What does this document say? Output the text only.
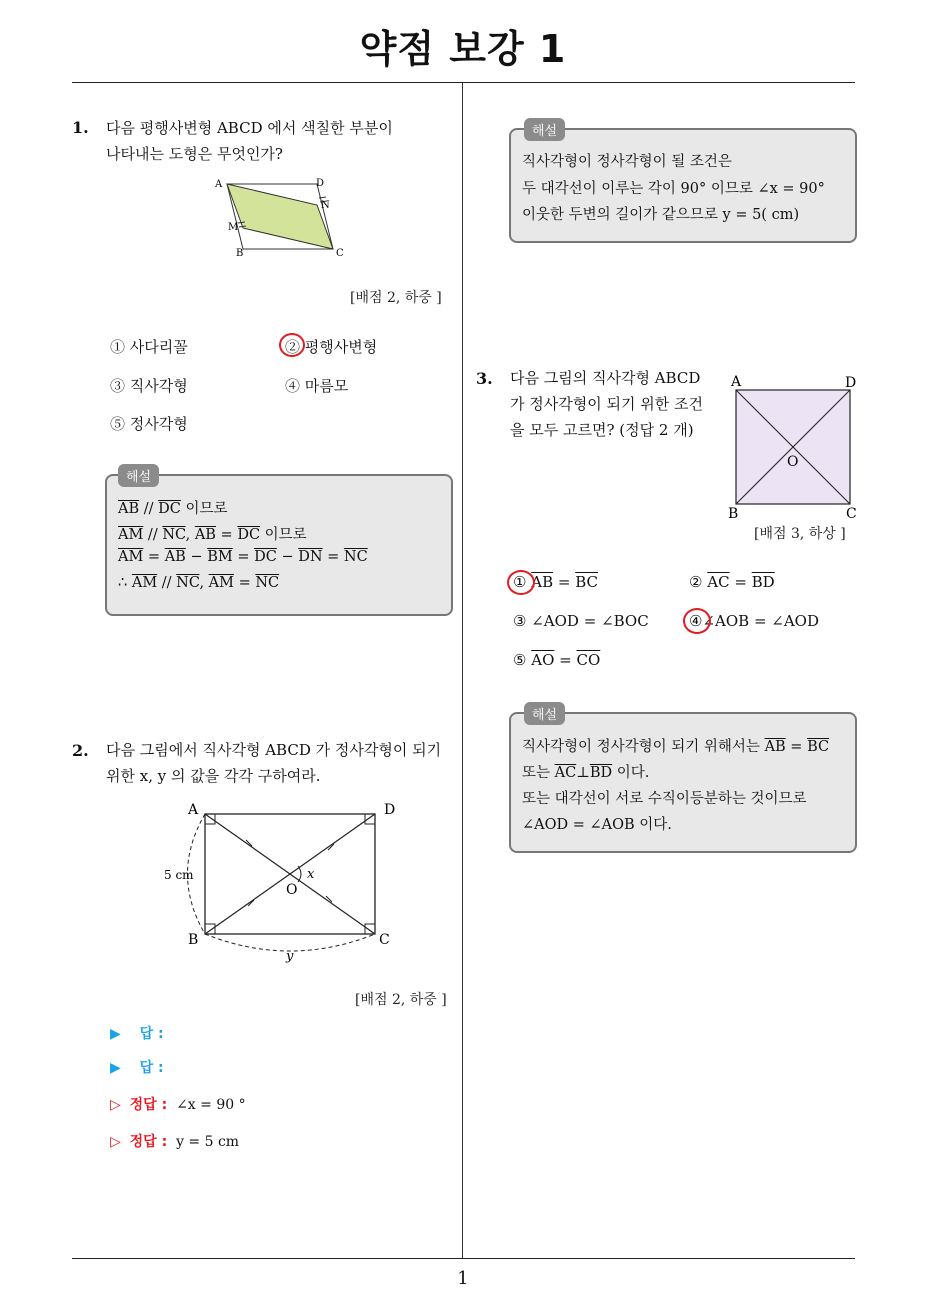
약점 보강 1
1
1. 다음 평행사변형 ABCD 에서 색칠한 부분이
나타내는 도형은 무엇인가?
A	D
N
M
B	C
[배점 2, 하중 ]
① 사다리꼴	② 평행사변형
③ 직사각형	④ 마름모
⑤ 정사각형
해설
$\overline{AB} // \overline{DC}$ 이므로
$\overline{AM} // \overline{NC}$, $\overline{AB} = \overline{DC}$ 이므로
$\overline{AM} = \overline{AB} - \overline{BM} = \overline{DC} - \overline{DN} = \overline{NC}$
∴ $\overline{AM} // \overline{NC}$, $\overline{AM} = \overline{NC}$
2. 다음 그림에서 직사각형 ABCD 가 정사각형이 되기
위한 x, y 의 값을 각각 구하여라.
A	D
B	C
O
x
5 cm
y
[배점 2, 하중 ]
▶ 답 :
▶ 답 :
▷ 정답 : ∠x = 90 °
▷ 정답 : y = 5 cm
해설
직사각형이 정사각형이 될 조건은
두 대각선이 이루는 각이 90° 이므로 ∠x = 90°
이웃한 두변의 길이가 같으므로 y = 5( cm)
3. 다음 그림의 직사각형 ABCD
가 정사각형이 되기 위한 조건
을 모두 고르면? (정답 2 개)
A	D
B	C
O
[배점 3, 하상 ]
① $\overline{AB} = \overline{BC}$	② $\overline{AC} = \overline{BD}$
③ ∠AOD = ∠BOC	④∠AOB = ∠AOD
⑤ $\overline{AO} = \overline{CO}$
해설
직사각형이 정사각형이 되기 위해서는 $\overline{AB} = \overline{BC}$
또는 $\overline{AC}\perp\overline{BD}$ 이다.
또는 대각선이 서로 수직이등분하는 것이므로
∠AOD = ∠AOB 이다.
